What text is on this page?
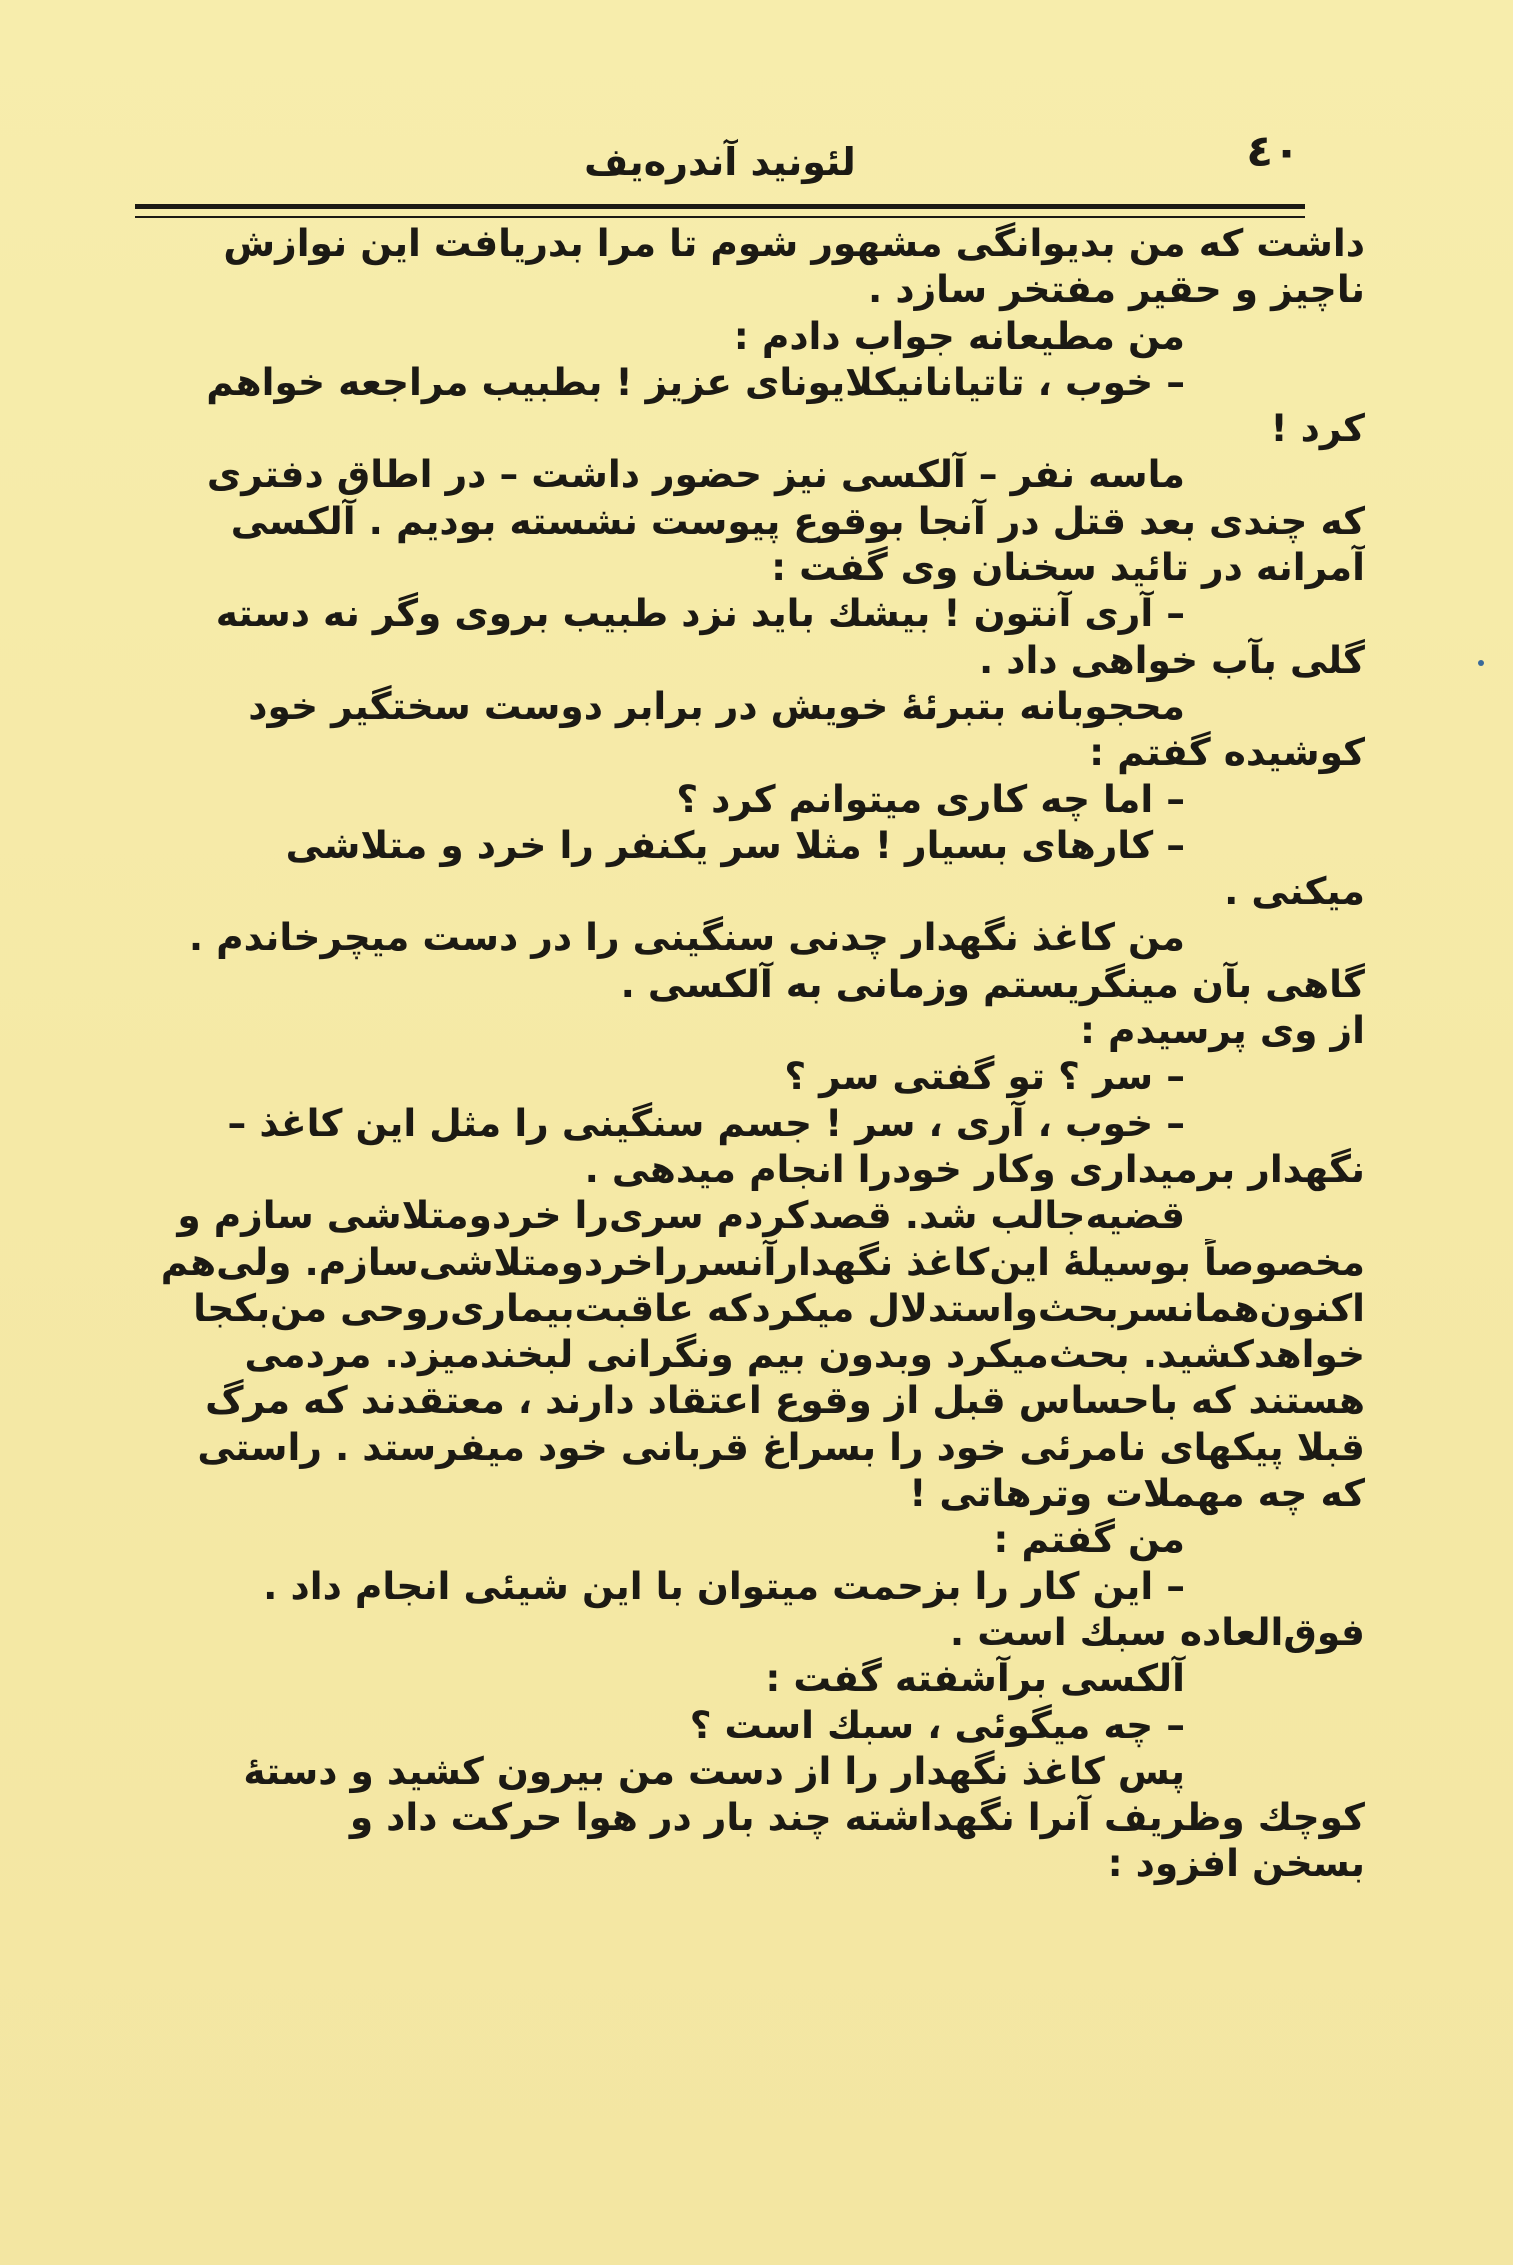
٤٠
لئونید آندره‌یف
داشت که من بدیوانگی مشهور شوم تا مرا بدریافت این نوازش
ناچیز و حقیر مفتخر سازد .
من مطیعانه جواب دادم :
– خوب ، تاتیانانیکلایونای عزیز ! بطبیب مراجعه خواهم
کرد !
ماسه نفر – آلکسی نیز حضور داشت – در اطاق دفتری
که چندی بعد قتل در آنجا بوقوع پیوست نشسته بودیم . آلکسی
آمرانه در تائید سخنان وی گفت :
– آری آنتون ! بیشك باید نزد طبیب بروی وگر نه دسته
گلی بآب خواهی داد .
محجوبانه بتبرئهٔ خویش در برابر دوست سختگیر خود
کوشیده گفتم :
– اما چه کاری میتوانم کرد ؟
– کارهای بسیار ! مثلا سر یکنفر را خرد و متلاشی
میکنی .
من کاغذ نگهدار چدنی سنگینی را در دست میچرخاندم .
گاهی بآن مینگریستم وزمانی به آلکسی .
از وی پرسیدم :
– سر ؟ تو گفتی سر ؟
– خوب ، آری ، سر ! جسم سنگینی را مثل این کاغذ –
نگهدار برمیداری وکار خودرا انجام میدهی .
قضیه‌جالب شد. قصدکردم سری‌را خردومتلاشی سازم و
مخصوصاً بوسیلهٔ این‌کاغذ نگهدارآنسرراخردومتلاشی‌سازم. ولی‌هم
اکنون‌همانسربحث‌واستدلال میکردکه عاقبت‌بیماری‌روحی من‌بکجا
خواهدکشید. بحث‌میکرد وبدون بیم ونگرانی لبخندمیزد. مردمی
هستند که باحساس قبل از وقوع اعتقاد دارند ، معتقدند که مرگ
قبلا پیکهای نامرئی خود را بسراغ قربانی خود میفرستد . راستی
که چه مهملات وترهاتی !
من گفتم :
– این کار را بزحمت میتوان با این شیئی انجام داد .
فوق‌العاده سبك است .
آلکسی برآشفته گفت :
– چه میگوئی ، سبك است ؟
پس کاغذ نگهدار را از دست من بیرون کشید و دستهٔ
کوچك وظریف آنرا نگهداشته چند بار در هوا حرکت داد و
بسخن افزود :
